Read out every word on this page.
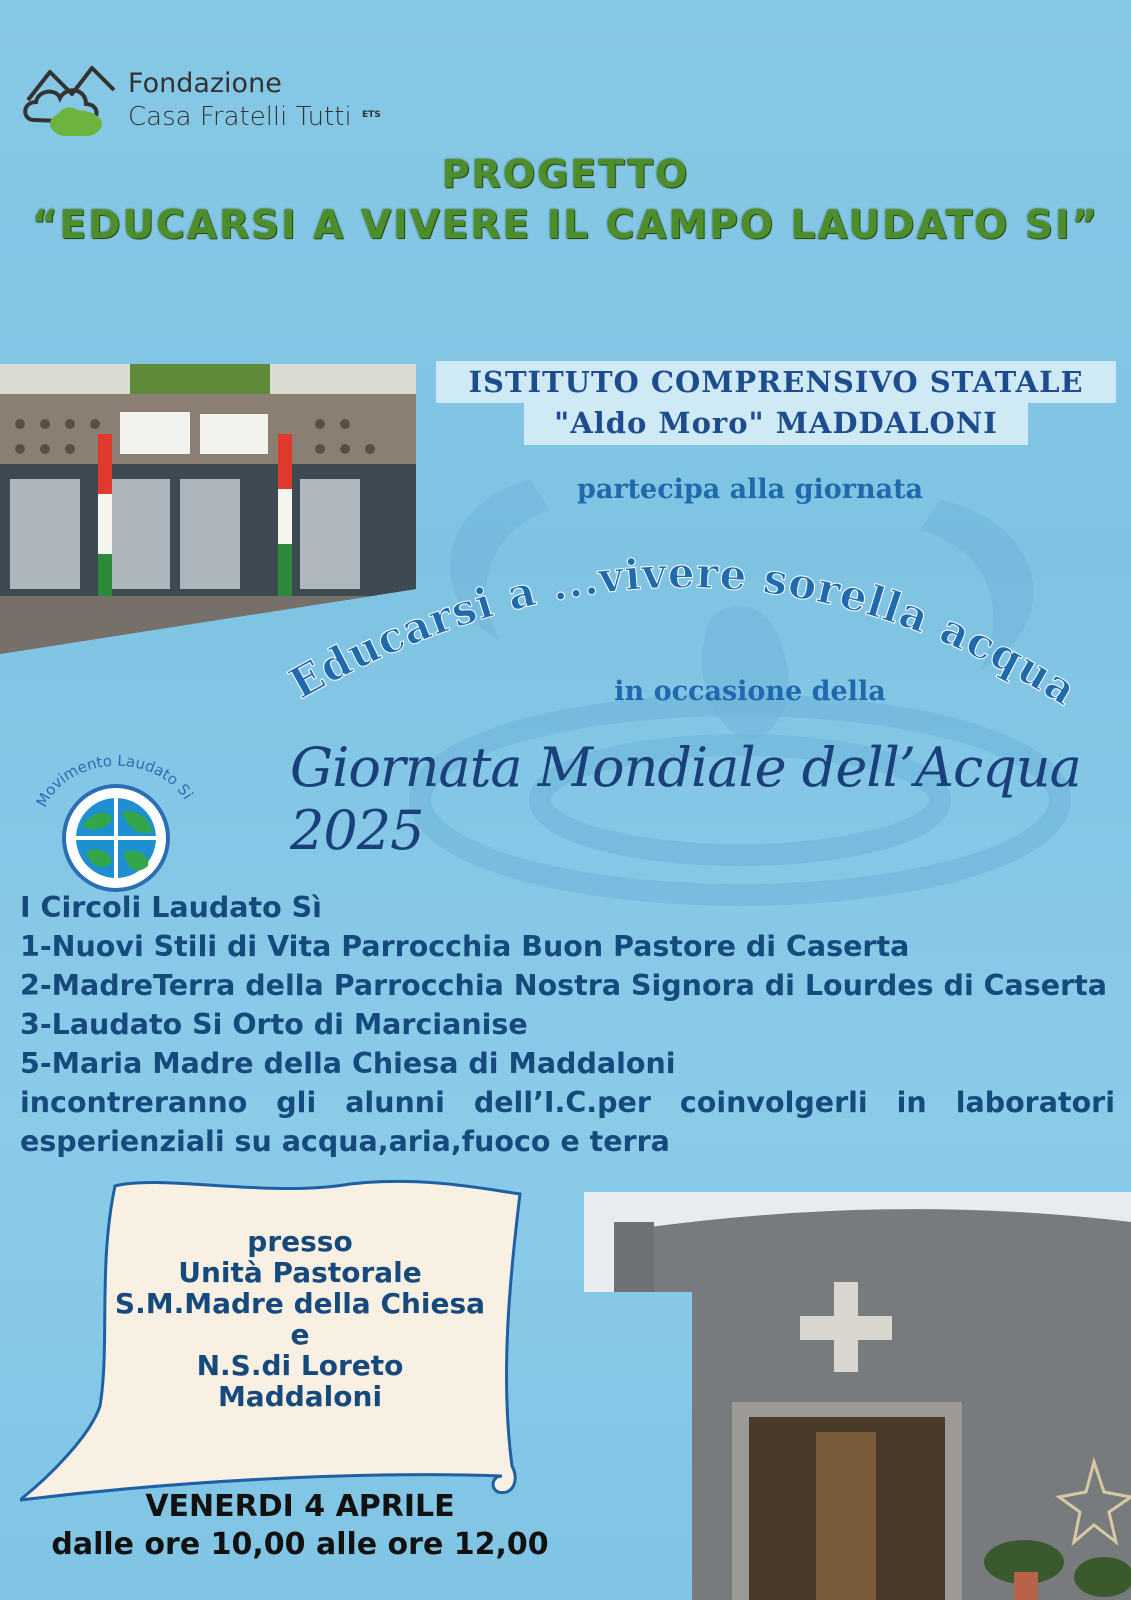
Fondazione
Casa Fratelli Tutti ETS
PROGETTO
“EDUCARSI A VIVERE IL CAMPO LAUDATO SI”
ISTITUTO COMPRENSIVO STATALE
"Aldo Moro" MADDALONI
partecipa alla giornata
Educarsi a ...vivere sorella acqua
in occasione della
Giornata Mondiale dell’Acqua 2025
Movimento Laudato Si
I Circoli Laudato Sì
1-Nuovi Stili di Vita Parrocchia Buon Pastore di Caserta
2-MadreTerra della Parrocchia Nostra Signora di Lourdes di Caserta
3-Laudato Si Orto di Marcianise
5-Maria Madre della Chiesa di Maddaloni
incontreranno gli alunni dell’I.C.per coinvolgerli in laboratori
esperienziali su acqua,aria,fuoco e terra
presso
Unità Pastorale
S.M.Madre della Chiesa
e
N.S.di Loreto
Maddaloni
VENERDI 4 APRILE
dalle ore 10,00 alle ore 12,00
